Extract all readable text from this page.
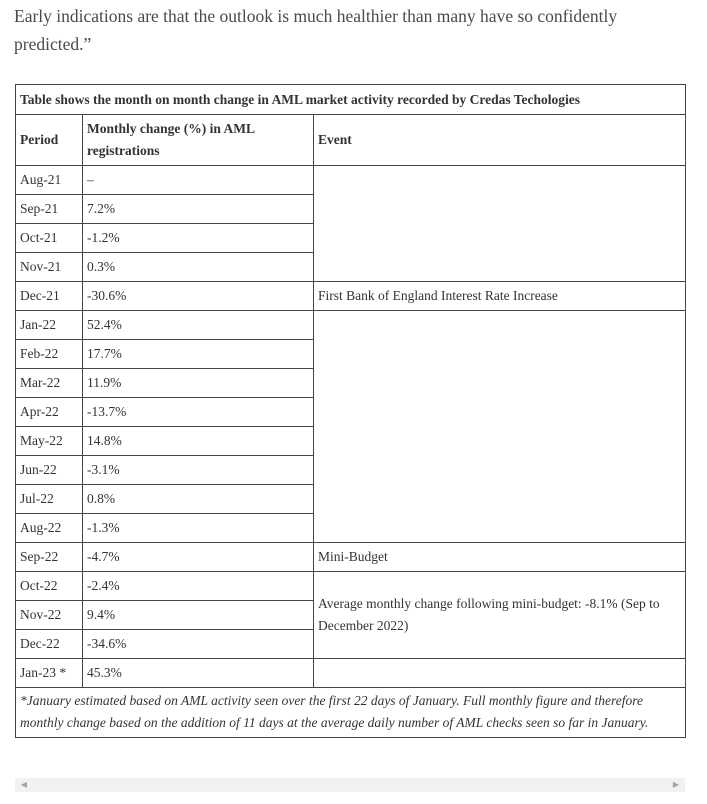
Early indications are that the outlook is much healthier than many have so confidently predicted.”

Table shows the month on month change in AML market activity recorded by Credas Techologies		
Period	Monthly change (%) in AML registrations	Event
Aug-21	–	
Sep-21	7.2%	
Oct-21	-1.2%	
Nov-21	0.3%	
Dec-21	-30.6%	First Bank of England Interest Rate Increase
Jan-22	52.4%	
Feb-22	17.7%	
Mar-22	11.9%	
Apr-22	-13.7%	
May-22	14.8%	
Jun-22	-3.1%	
Jul-22	0.8%	
Aug-22	-1.3%	
Sep-22	-4.7%	Mini-Budget
Oct-22	-2.4%	Average monthly change following mini-budget: -8.1% (Sep to December 2022)
Nov-22	9.4%	
Dec-22	-34.6%	
Jan-23 *	45.3%	
*January estimated based on AML activity seen over the first 22 days of January. Full monthly figure and therefore monthly change based on the addition of 11 days at the average daily number of AML checks seen so far in January.		
◀	▶
